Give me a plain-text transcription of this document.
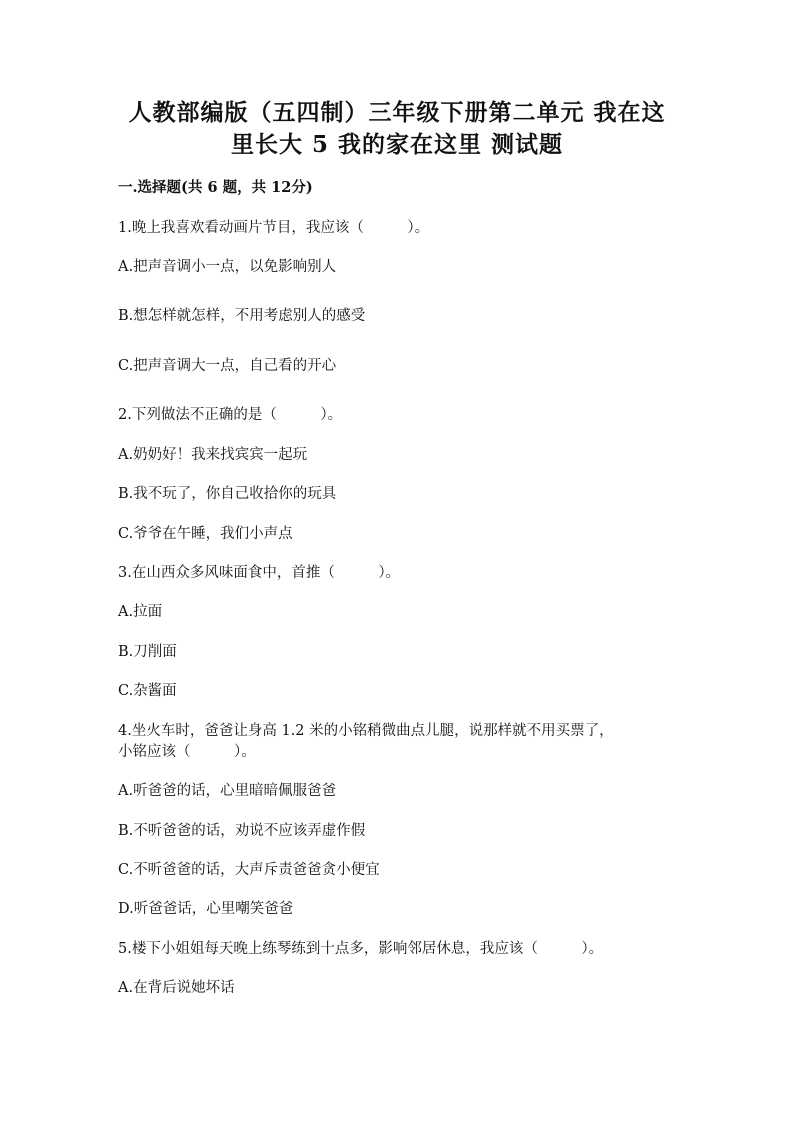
人教部编版（五四制）三年级下册第二单元 我在这
里长大 5 我的家在这里 测试题

一.选择题(共 6 题，共 12分)

1.晚上我喜欢看动画片节目，我应该（　　　）。

A.把声音调小一点，以免影响别人

B.想怎样就怎样，不用考虑别人的感受

C.把声音调大一点，自己看的开心

2.下列做法不正确的是（　　　）。

A.奶奶好！我来找宾宾一起玩

B.我不玩了，你自己收拾你的玩具

C.爷爷在午睡，我们小声点

3.在山西众多风味面食中，首推（　　　）。

A.拉面

B.刀削面

C.杂酱面

4.坐火车时，爸爸让身高 1.2 米的小铭稍微曲点儿腿，说那样就不用买票了，

小铭应该（　　　）。

A.听爸爸的话，心里暗暗佩服爸爸

B.不听爸爸的话，劝说不应该弄虚作假

C.不听爸爸的话，大声斥责爸爸贪小便宜

D.听爸爸话，心里嘲笑爸爸

5.楼下小姐姐每天晚上练琴练到十点多，影响邻居休息，我应该（　　　）。

A.在背后说她坏话
